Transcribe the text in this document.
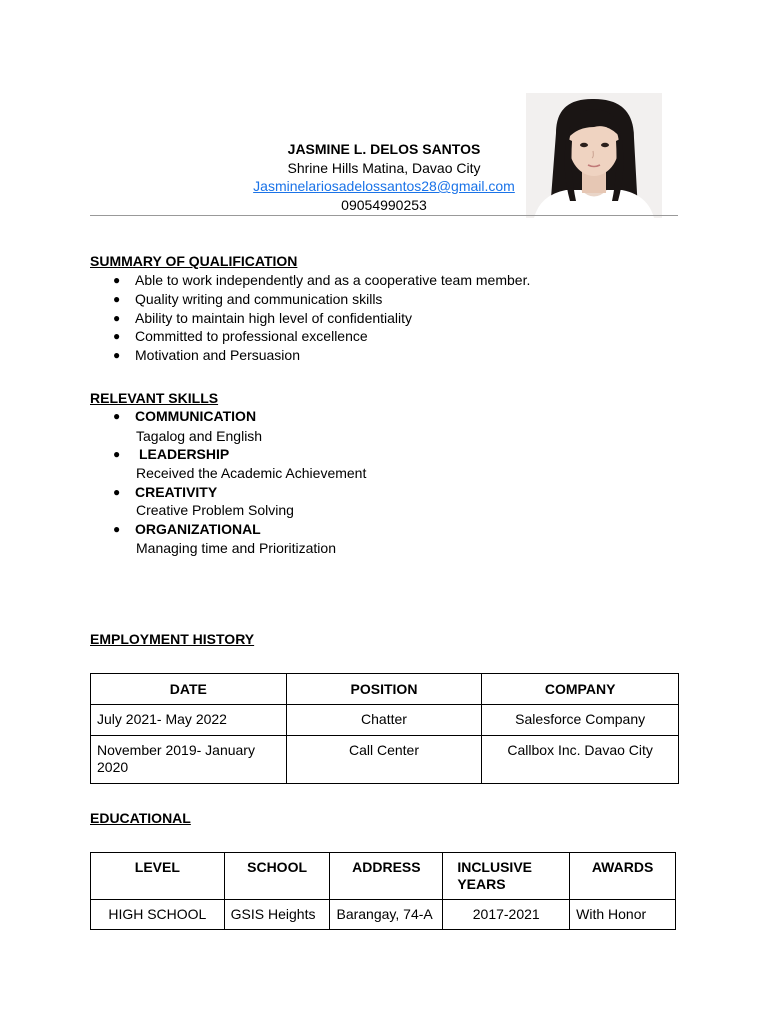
JASMINE L. DELOS SANTOS
Shrine Hills Matina, Davao City
Jasminelariosadelossantos28@gmail.com
09054990253
SUMMARY OF QUALIFICATION
● Able to work independently and as a cooperative team member.
● Quality writing and communication skills
● Ability to maintain high level of confidentiality
● Committed to professional excellence
● Motivation and Persuasion
RELEVANT SKILLS
● COMMUNICATION
Tagalog and English
● LEADERSHIP
Received the Academic Achievement
● CREATIVITY
Creative Problem Solving
● ORGANIZATIONAL
Managing time and Prioritization
EMPLOYMENT HISTORY
DATE	POSITION	COMPANY
July 2021- May 2022	Chatter	Salesforce Company
November 2019- January 2020	Call Center	Callbox Inc. Davao City
EDUCATIONAL
LEVEL	SCHOOL	ADDRESS	INCLUSIVE YEARS	AWARDS
HIGH SCHOOL	GSIS Heights	Barangay, 74-A	2017-2021	With Honor
